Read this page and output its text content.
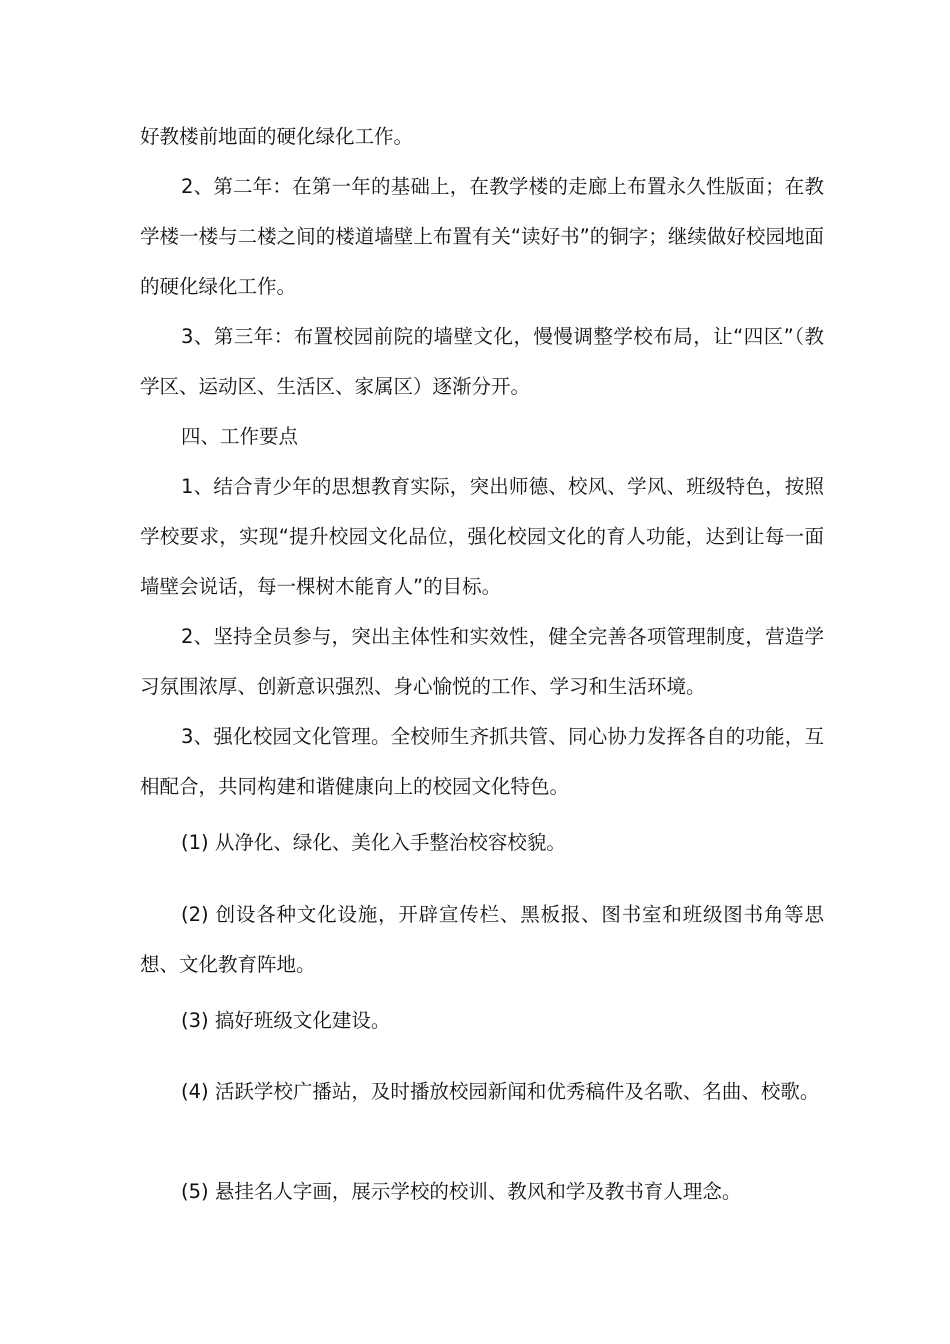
好教楼前地面的硬化绿化工作。

2、第二年：在第一年的基础上，在教学楼的走廊上布置永久性版面；在教学楼一楼与二楼之间的楼道墙壁上布置有关“读好书”的铜字；继续做好校园地面的硬化绿化工作。

3、第三年：布置校园前院的墙壁文化，慢慢调整学校布局，让“四区”（教学区、运动区、生活区、家属区）逐渐分开。

四、工作要点

1、结合青少年的思想教育实际，突出师德、校风、学风、班级特色，按照学校要求，实现“提升校园文化品位，强化校园文化的育人功能，达到让每一面墙壁会说话，每一棵树木能育人”的目标。

2、坚持全员参与，突出主体性和实效性，健全完善各项管理制度，营造学习氛围浓厚、创新意识强烈、身心愉悦的工作、学习和生活环境。

3、强化校园文化管理。全校师生齐抓共管、同心协力发挥各自的功能，互相配合，共同构建和谐健康向上的校园文化特色。

(1) 从净化、绿化、美化入手整治校容校貌。

(2) 创设各种文化设施，开辟宣传栏、黑板报、图书室和班级图书角等思想、文化教育阵地。

(3) 搞好班级文化建设。

(4) 活跃学校广播站，及时播放校园新闻和优秀稿件及名歌、名曲、校歌。

(5) 悬挂名人字画，展示学校的校训、教风和学及教书育人理念。
